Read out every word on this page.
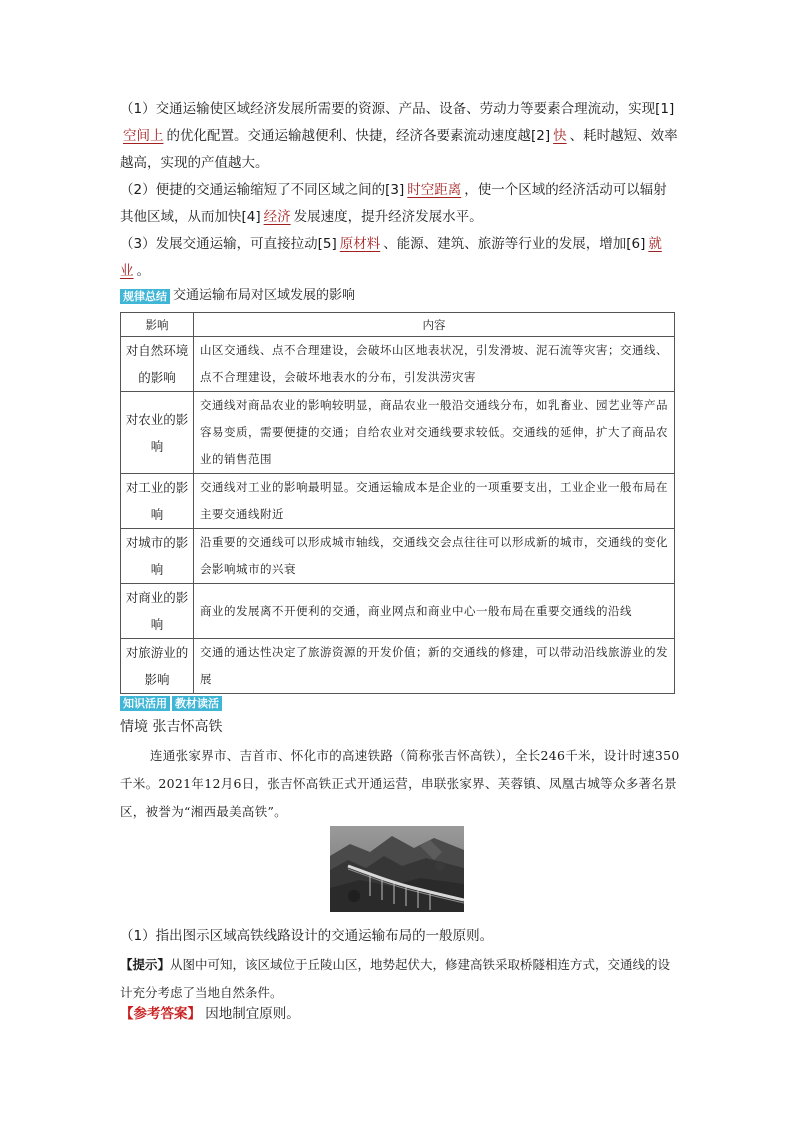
（1）交通运输使区域经济发展所需要的资源、产品、设备、劳动力等要素合理流动，实现[1]空间上 的优化配置。交通运输越便利、快捷，经济各要素流动速度越[2] 快 、耗时越短、效率越高，实现的产值越大。

（2）便捷的交通运输缩短了不同区域之间的[3] 时空距离 ，使一个区域的经济活动可以辐射其他区域，从而加快[4] 经济 发展速度，提升经济发展水平。

（3）发展交通运输，可直接拉动[5] 原材料 、能源、建筑、旅游等行业的发展，增加[6] 就业 。

规律总结 交通运输布局对区域发展的影响
影响	内容
对自然环境的影响	山区交通线、点不合理建设，会破坏山区地表状况，引发滑坡、泥石流等灾害；交通线、点不合理建设，会破坏地表水的分布，引发洪涝灾害
对农业的影响	交通线对商品农业的影响较明显，商品农业一般沿交通线分布，如乳畜业、园艺业等产品容易变质，需要便捷的交通；自给农业对交通线要求较低。交通线的延伸，扩大了商品农业的销售范围
对工业的影响	交通线对工业的影响最明显。交通运输成本是企业的一项重要支出，工业企业一般布局在主要交通线附近
对城市的影响	沿重要的交通线可以形成城市轴线，交通线交会点往往可以形成新的城市，交通线的变化会影响城市的兴衰
对商业的影响	商业的发展离不开便利的交通，商业网点和商业中心一般布局在重要交通线的沿线
对旅游业的影响	交通的通达性决定了旅游资源的开发价值；新的交通线的修建，可以带动沿线旅游业的发展
知识活用 教材读活
情境 张吉怀高铁

连通张家界市、吉首市、怀化市的高速铁路（简称张吉怀高铁），全长246千米，设计时速350千米。2021年12月6日，张吉怀高铁正式开通运营，串联张家界、芙蓉镇、凤凰古城等众多著名景区，被誉为“湘西最美高铁”。

（1）指出图示区域高铁线路设计的交通运输布局的一般原则。

【提示】从图中可知，该区域位于丘陵山区，地势起伏大，修建高铁采取桥隧相连方式，交通线的设计充分考虑了当地自然条件。

【参考答案】 因地制宜原则。
